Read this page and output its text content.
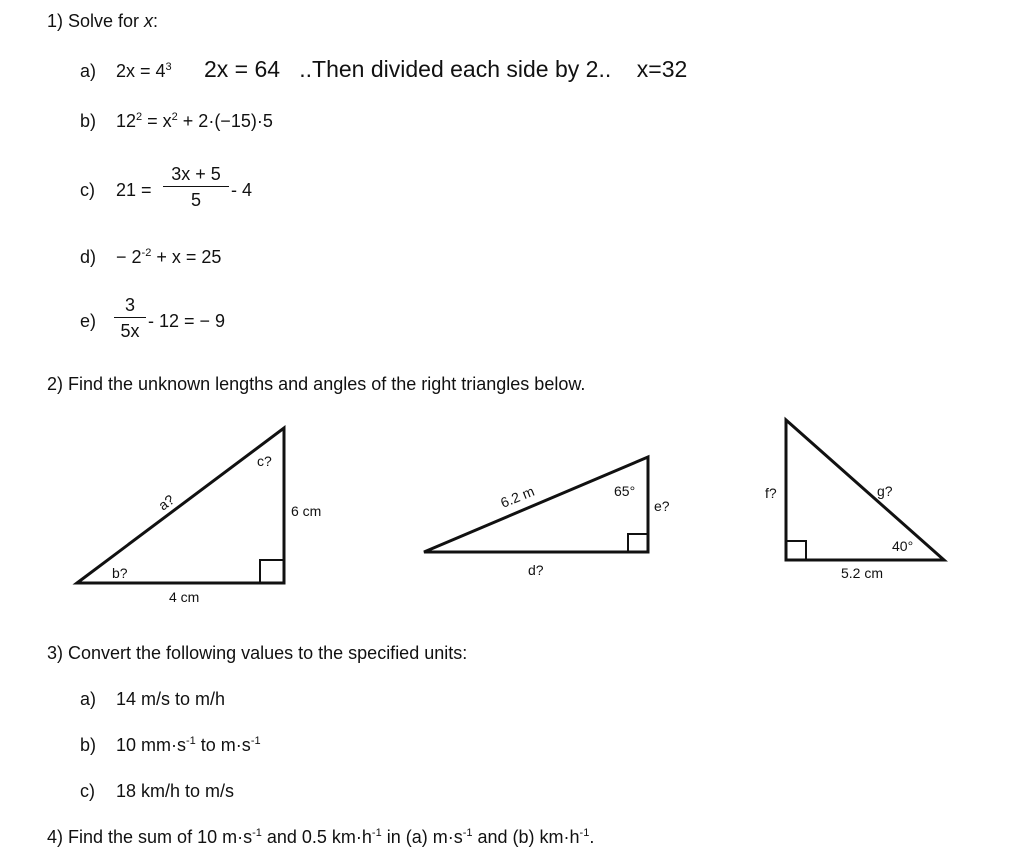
1) Solve for x:
a) $2x = 4^3$ 2x = 64   ..Then divided each side by 2..    x=32
b) $12^2 = x^2 + 2\cdot(-15)\cdot 5$
c) $21 = \frac{3x + 5}{5} - 4$
$d) - 2^{-2} + x = 25$
$e) \frac{3}{5x} - 12$ = − 9
2) Find the unknown lengths and angles of the right triangles below.
a?
c?
6 cm
b?
4 cm
6.2 m	65°
e?
d?
f?	g?
40°
5.2 cm
3) Convert the following values to the specified units:
a) 14 m/s to m/h
b) 10 $mm\cdot s^{-1}$ to $m\cdot s^{-1}$
c) 18 km/h to m/s
4) Find the sum of 10 $m\cdot s^{-1}$ and 0.5 $km\cdot h^{-1}$ in (a) $m\cdot s^{-1}$ and (b) $km\cdot h^{-1}$.
